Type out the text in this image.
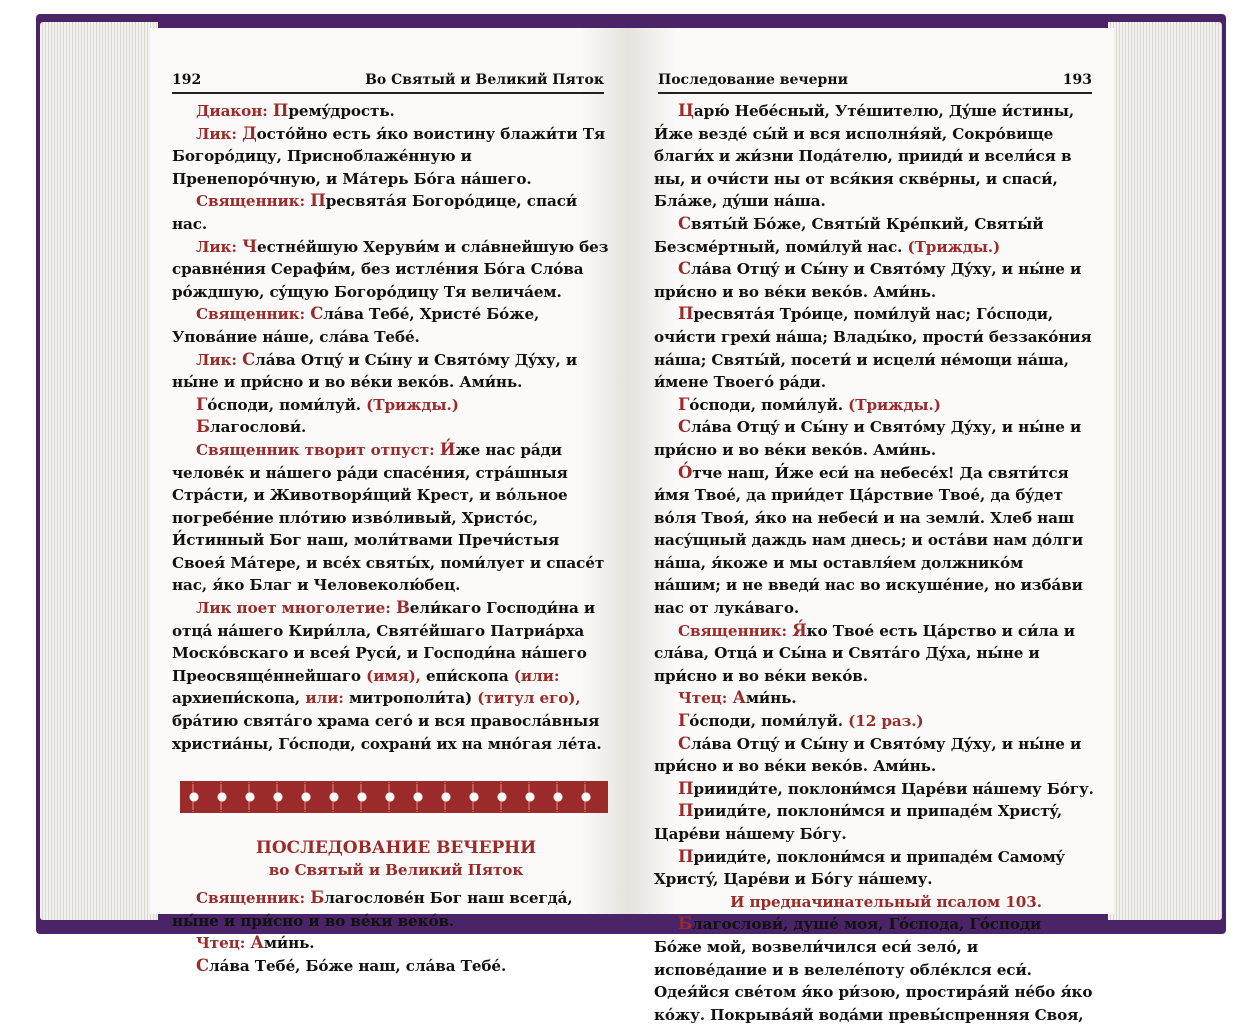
192	Во Святый и Великий Пяток

Диакон: Премýдрость.

Лик: Достóйно есть я́ко воистину блажи́ти Тя Богорóдицу, Присноблажéнную и Пренепорóчную, и Мáтерь Бóга нáшего.

Священник: Пресвятáя Богорóдице, спаси́ нас.

Лик: Честнéйшую Херуви́м и слáвнейшую без сравнéния Серафи́м, без истлéния Бóга Слóва рóждшую, сýщую Богорóдицу Тя величáем.

Священник: Слáва Тебé, Христé Бóже, Уповáние нáше, слáва Тебé.

Лик: Слáва Отцý и Сы́ну и Святóму Дýху, и ны́не и при́сно и во вéки векóв. Ами́нь.

Гóсподи, поми́луй. (Трижды.)

Благослови́.

Священник творит отпуст: И́же нас рáди человéк и нáшего рáди спасéния, стрáшныя Стрáсти, и Животворя́щий Крест, и вóльное погребéние плóтию изво́ливый, Христóс, И́стинный Бог наш, моли́твами Пречи́стыя Своея́ Мáтере, и всéх святы́х, поми́лует и спасéт нас, я́ко Благ и Человеколю́бец.

Лик поет многолетие: Вели́каго Господи́на и отцá нáшего Кири́лла, Святéйшаго Патриáрха Москóвскаго и всея́ Руси́, и Господи́на нáшего Преосвящéннейшаго (имя), епи́скопа (или: архиепи́скопа, или: митрополи́та) (титул его), брáтию святáго храма сегó и вся правослáвныя христиáны, Гóсподи, сохрани́ их на мнóгая лéта.

ПОСЛЕДОВАНИЕ ВЕЧЕРНИ
во Святый и Великий Пяток

Священник: Благословéн Бог наш всегдá, ны́не и при́сно и во вéки векóв.

Чтец: Ами́нь.

Слáва Тебé, Бóже наш, слáва Тебé.

Последование вечерни	193

Царю́ Небéсный, Утéшителю, Дýше и́стины, И́же вездé сы́й и вся исполня́яй, Сокрóвище благи́х и жи́зни Подáтелю, прииди́ и всели́ся в ны, и очи́сти ны от вся́кия сквéрны, и спаси́, Блáже, дýши нáша.

Святы́й Бóже, Святы́й Крéпкий, Святы́й Безсмéртный, поми́луй нас. (Трижды.)

Слáва Отцý и Сы́ну и Святóму Дýху, и ны́не и при́сно и во вéки векóв. Ами́нь.

Пресвятáя Трóице, поми́луй нас; Гóсподи, очи́сти грехи́ нáша; Влады́ко, прости́ беззакóния нáша; Святы́й, посети́ и исцели́ нéмощи нáша, и́мене Твоегó рáди.

Гóсподи, поми́луй. (Трижды.)

Слáва Отцý и Сы́ну и Святóму Дýху, и ны́не и при́сно и во вéки векóв. Ами́нь.

О́тче наш, И́же еси́ на небесéх! Да святи́тся и́мя Твоé, да прии́дет Цáрствие Твоé, да бýдет вóля Твоя́, я́ко на небеси́ и на земли́. Хлеб наш насýщный даждь нам днесь; и остáви нам дóлги нáша, я́коже и мы оставля́ем должникóм нáшим; и не введи́ нас во искушéние, но изба́ви нас от лукáваго.

Священник: Я́ко Твоé есть Цáрство и си́ла и слáва, Отцá и Сы́на и Святáго Дýха, ны́не и при́сно и во вéки векóв.

Чтец: Ами́нь.

Гóсподи, поми́луй. (12 раз.)

Слáва Отцý и Сы́ну и Святóму Дýху, и ны́не и при́сно и во вéки векóв. Ами́нь.

Приииди́те, поклони́мся Царéви нáшему Бóгу.

Прииди́те, поклони́мся и припадéм Христý, Царéви нáшему Бóгу.

Прииди́те, поклони́мся и припадéм Самомý Христý, Царéви и Бóгу нáшему.

И предначинательный псалом 103.

Благослови́, душé моя, Гóспода, Гóсподи Бóже мой, возвели́чился еси́ зелó, и исповéдание и в велелéпоту облéклся еси́. Одея́йся свéтом я́ко ри́зою, простирáяй нéбо я́ко кóжу. Покрывáяй водáми превы́спренняя Своя,
